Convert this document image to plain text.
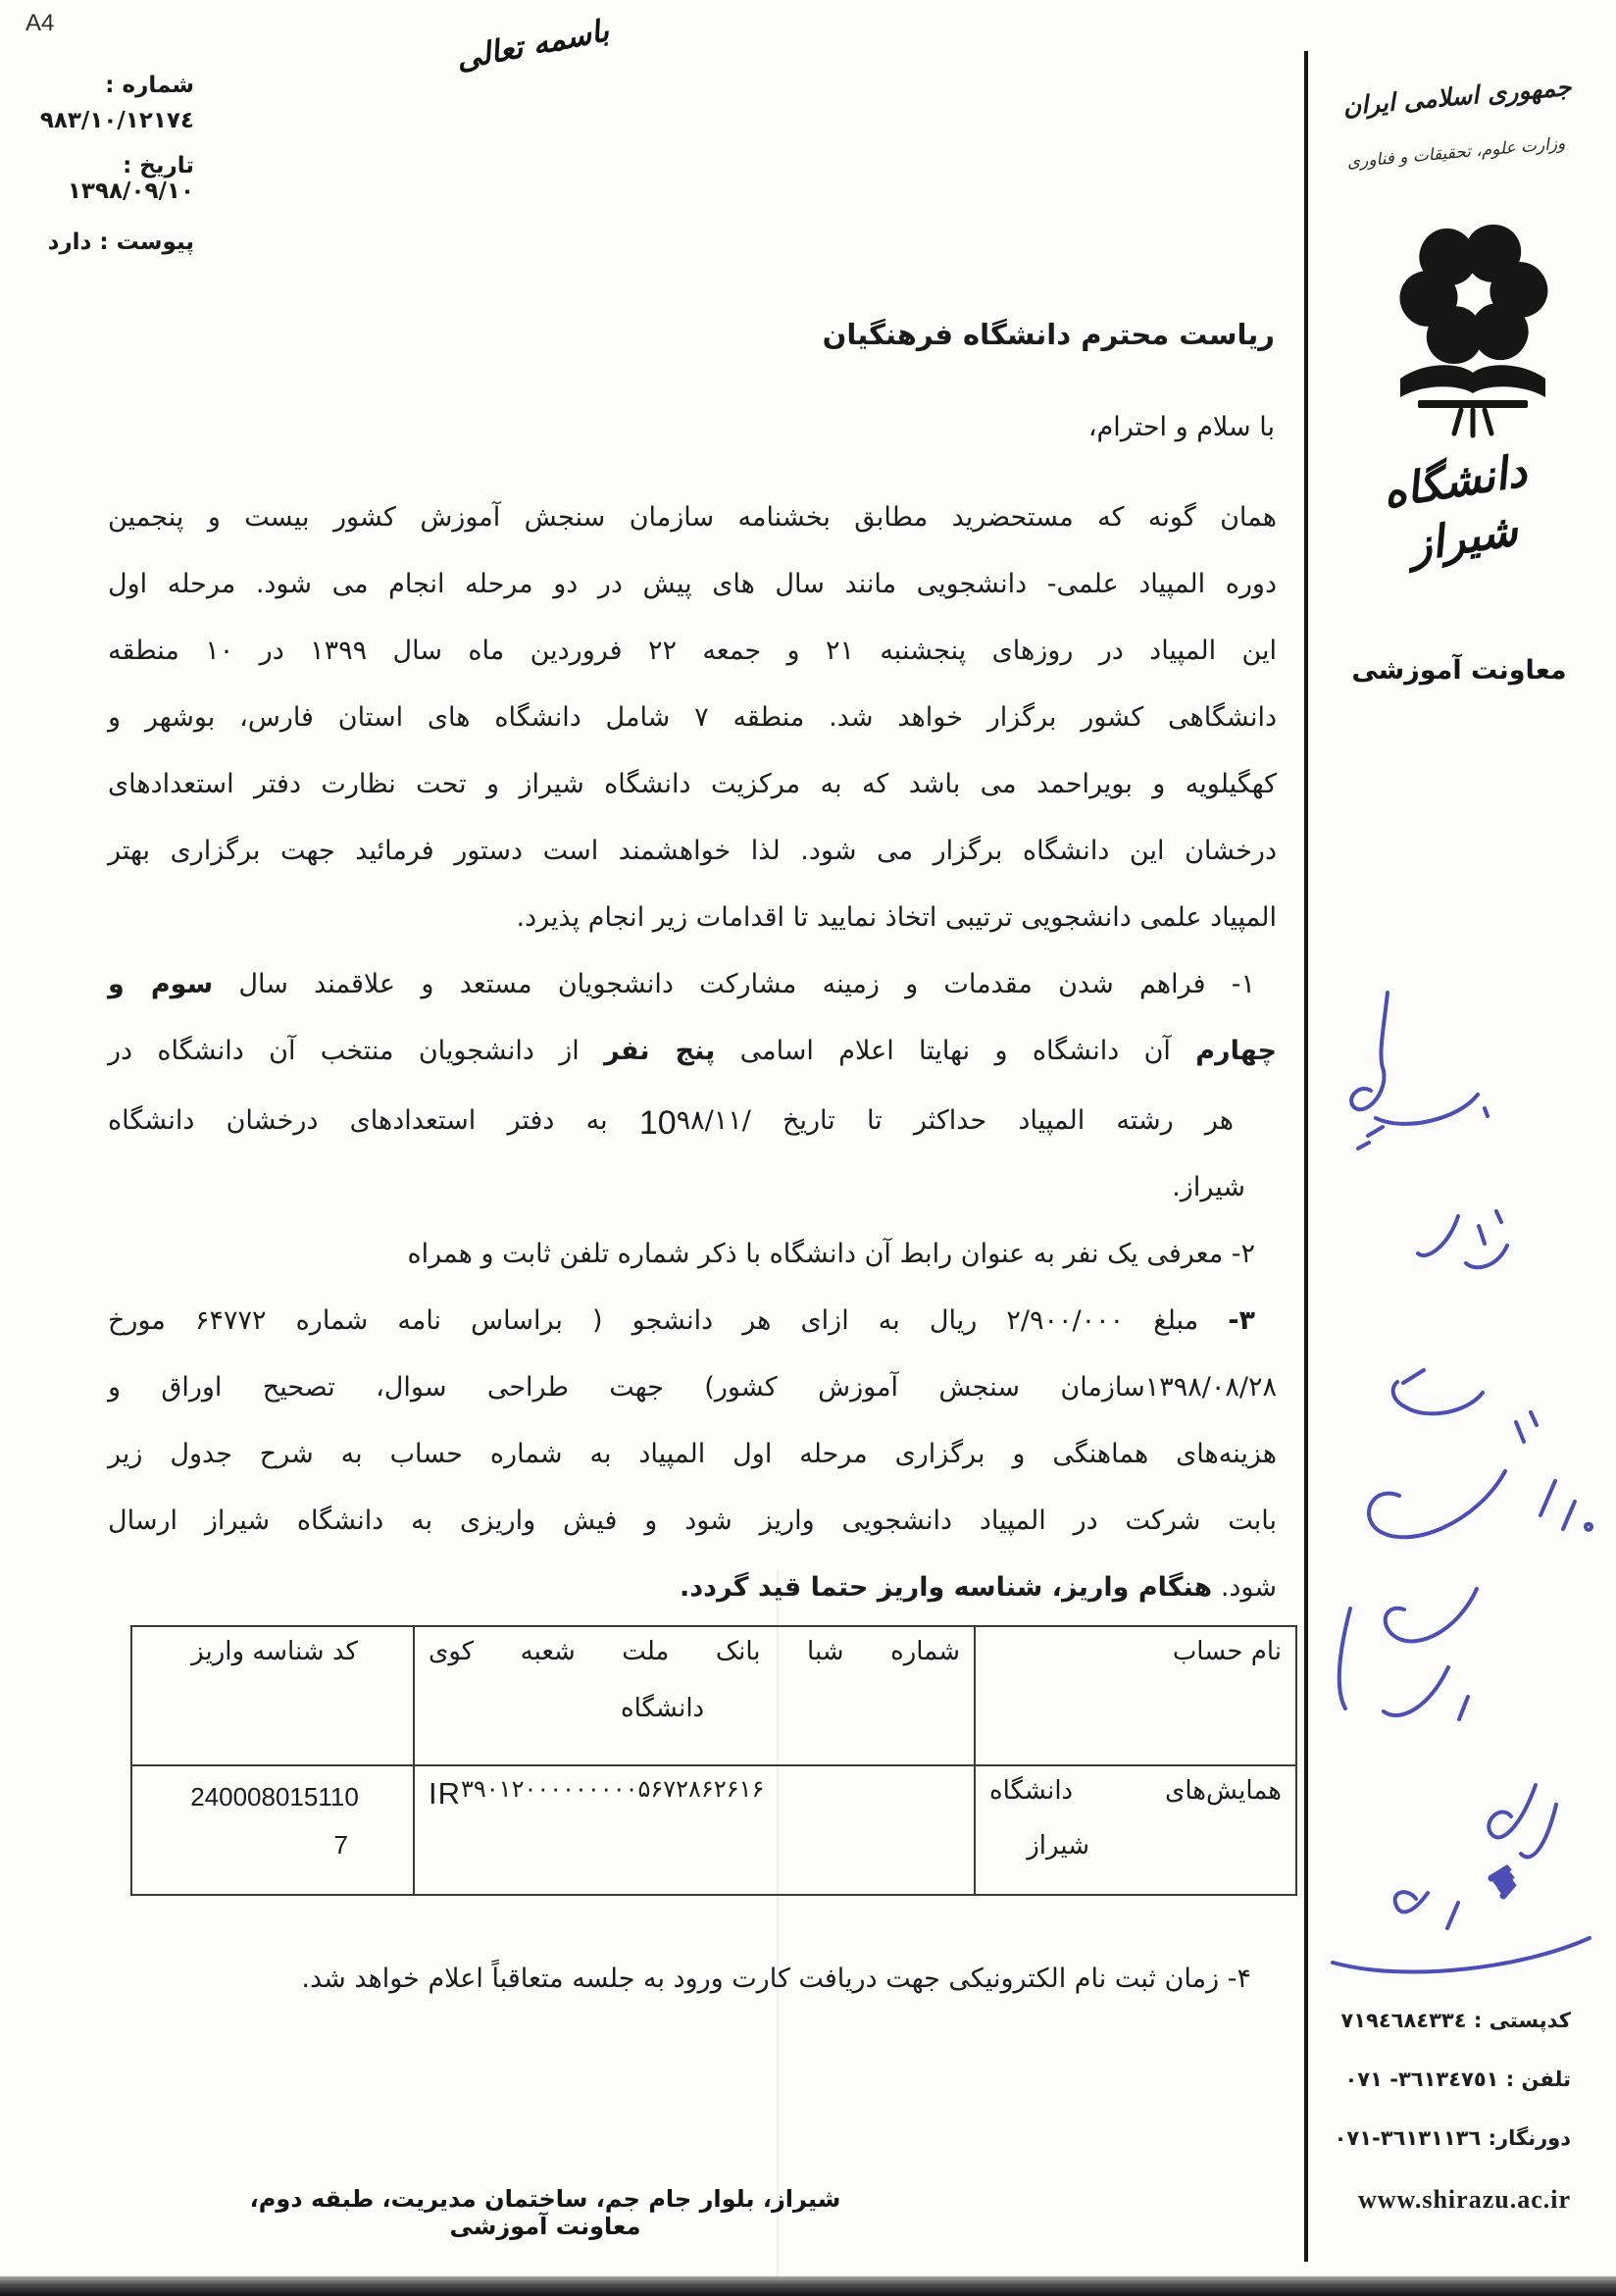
A4	باسمه تعالی
شماره :
٩٨٣/١٠/١٢١٧٤
تاریخ : ١٣٩٨/٠٩/١٠
پیوست : دارد
ریاست محترم دانشگاه فرهنگیان
با سلام و احترام،
همان گونه که مستحضرید مطابق بخشنامه سازمان سنجش آموزش کشور بیست و پنجمین
دوره المپیاد علمی- دانشجویی مانند سال های پیش در دو مرحله انجام می شود. مرحله اول
این المپیاد در روزهای پنجشنبه ۲۱ و جمعه ۲۲ فروردین ماه سال ۱۳۹۹ در ۱۰ منطقه
دانشگاهی کشور برگزار خواهد شد. منطقه ۷ شامل دانشگاه های استان فارس، بوشهر و
کهگیلویه و بویراحمد می باشد که به مرکزیت دانشگاه شیراز و تحت نظارت دفتر استعدادهای
درخشان این دانشگاه برگزار می شود. لذا خواهشمند است دستور فرمائید جهت برگزاری بهتر
المپیاد علمی دانشجویی ترتیبی اتخاذ نمایید تا اقدامات زیر انجام پذیرد.
۱- فراهم شدن مقدمات و زمینه مشارکت دانشجویان مستعد و علاقمند سال سوم و
چهارم آن دانشگاه و نهایتا اعلام اسامی پنج نفر از دانشجویان منتخب آن دانشگاه در
هر رشته المپیاد حداکثر تا تاریخ ۹۸/۱۱/10 به دفتر استعدادهای درخشان دانشگاه
شیراز.
۲- معرفی یک نفر به عنوان رابط آن دانشگاه با ذکر شماره تلفن ثابت و همراه
۳- مبلغ ۲/۹۰۰/۰۰۰ ریال به ازای هر دانشجو ( براساس نامه شماره ۶۴۷۷۲ مورخ
۱۳۹۸/۰۸/۲۸سازمان سنجش آموزش کشور) جهت طراحی سوال، تصحیح اوراق و
هزینه‌های هماهنگی و برگزاری مرحله اول المپیاد به شماره حساب به شرح جدول زیر
بابت شرکت در المپیاد دانشجویی واریز شود و فیش واریزی به دانشگاه شیراز ارسال
شود. هنگام واریز، شناسه واریز حتما قید گردد.
نام حساب
شماره شبا بانک ملت شعبه کوی
دانشگاه
کد شناسه واریز
همایش‌های دانشگاه
شیراز
IR۳۹۰۱۲۰۰۰۰۰۰۰۰۰۵۶۷۲۸۶۲۶۱۶
240008015110
7
۴- زمان ثبت نام الکترونیکی جهت دریافت کارت ورود به جلسه متعاقباً اعلام خواهد شد.
شیراز، بلوار جام جم، ساختمان مدیریت، طبقه دوم، معاونت آموزشی
جمهوری اسلامی ایران
وزارت علوم، تحقیقات و فناوری
دانشگاه شیراز
معاونت آموزشی
کدپستی : ٧١٩٤٦٨٤٣٣٤
تلفن : ٣٦١٣٤٧٥١- ٠٧١
دورنگار: ٣٦١٣١١٣٦-٠٧١
www.shirazu.ac.ir
